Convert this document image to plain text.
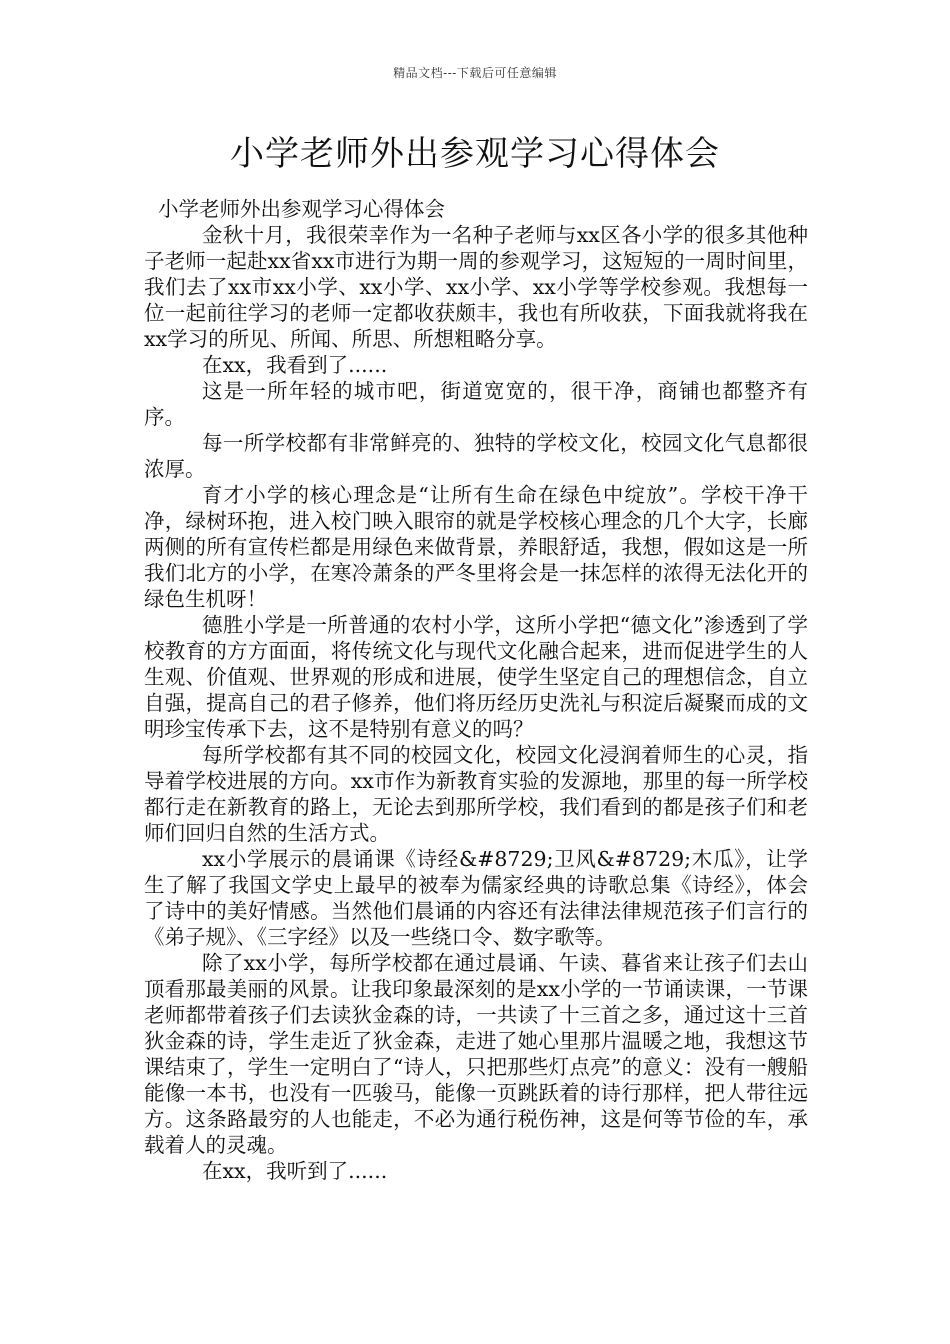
精品文档---下载后可任意编辑
小学老师外出参观学习心得体会

小学老师外出参观学习心得体会

金秋十月，我很荣幸作为一名种子老师与xx区各小学的很多其他种子老师一起赴xx省xx市进行为期一周的参观学习，这短短的一周时间里，我们去了xx市xx小学、xx小学、xx小学、xx小学等学校参观。我想每一位一起前往学习的老师一定都收获颇丰，我也有所收获，下面我就将我在xx学习的所见、所闻、所思、所想粗略分享。

在xx，我看到了......

这是一所年轻的城市吧，街道宽宽的，很干净，商铺也都整齐有序。

每一所学校都有非常鲜亮的、独特的学校文化，校园文化气息都很浓厚。

育才小学的核心理念是“让所有生命在绿色中绽放”。学校干净干净，绿树环抱，进入校门映入眼帘的就是学校核心理念的几个大字，长廊两侧的所有宣传栏都是用绿色来做背景，养眼舒适，我想，假如这是一所我们北方的小学，在寒冷萧条的严冬里将会是一抹怎样的浓得无法化开的绿色生机呀！

德胜小学是一所普通的农村小学，这所小学把“德文化”渗透到了学校教育的方方面面，将传统文化与现代文化融合起来，进而促进学生的人生观、价值观、世界观的形成和进展，使学生坚定自己的理想信念，自立自强，提高自己的君子修养，他们将历经历史洗礼与积淀后凝聚而成的文明珍宝传承下去，这不是特别有意义的吗？

每所学校都有其不同的校园文化，校园文化浸润着师生的心灵，指导着学校进展的方向。xx市作为新教育实验的发源地，那里的每一所学校都行走在新教育的路上，无论去到那所学校，我们看到的都是孩子们和老师们回归自然的生活方式。

xx小学展示的晨诵课《诗经&#8729;卫风&#8729;木瓜》，让学生了解了我国文学史上最早的被奉为儒家经典的诗歌总集《诗经》，体会了诗中的美好情感。当然他们晨诵的内容还有法律法律规范孩子们言行的《弟子规》、《三字经》以及一些绕口令、数字歌等。

除了xx小学，每所学校都在通过晨诵、午读、暮省来让孩子们去山顶看那最美丽的风景。让我印象最深刻的是xx小学的一节诵读课，一节课老师都带着孩子们去读狄金森的诗，一共读了十三首之多，通过这十三首狄金森的诗，学生走近了狄金森，走进了她心里那片温暖之地，我想这节课结束了，学生一定明白了“诗人，只把那些灯点亮”的意义：没有一艘船能像一本书，也没有一匹骏马，能像一页跳跃着的诗行那样，把人带往远方。这条路最穷的人也能走，不必为通行税伤神，这是何等节俭的车，承载着人的灵魂。

在xx，我听到了......
